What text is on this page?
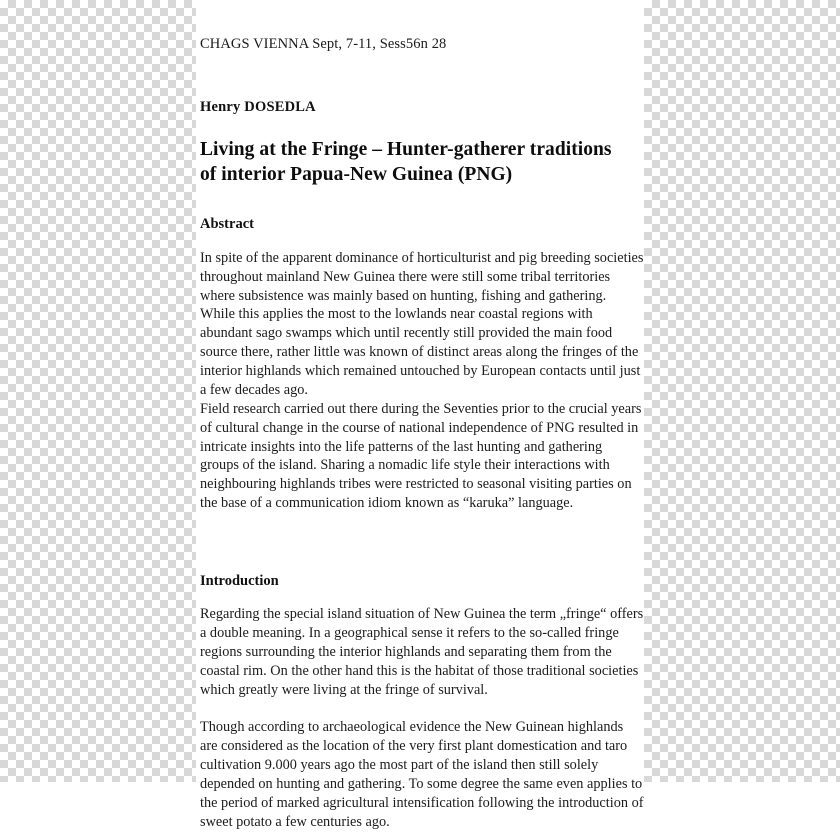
CHAGS VIENNA Sept, 7-11, Sess56n 28
Henry DOSEDLA
Living at the Fringe – Hunter-gatherer traditions
of interior Papua-New Guinea (PNG)
Abstract

In spite of the apparent dominance of horticulturist and pig breeding societies throughout mainland New Guinea there were still some tribal territories where subsistence was mainly based on hunting, fishing and gathering.

While this applies the most to the lowlands near coastal regions with abundant sago swamps which until recently still provided the main food source there, rather little was known of distinct areas along the fringes of the interior highlands which remained untouched by European contacts until just a few decades ago.

Field research carried out there during the Seventies prior to the crucial years of cultural change in the course of national independence of PNG resulted in intricate insights into the life patterns of the last hunting and gathering groups of the island. Sharing a nomadic life style their interactions with neighbouring highlands tribes were restricted to seasonal visiting parties on the base of a communication idiom known as “karuka” language.

Introduction

Regarding the special island situation of New Guinea the term „fringe“ offers a double meaning. In a geographical sense it refers to the so-called fringe regions surrounding the interior highlands and separating them from the coastal rim. On the other hand this is the habitat of those traditional societies which greatly were living at the fringe of survival.

Though according to archaeological evidence the New Guinean highlands are considered as the location of the very first plant domestication and taro cultivation 9.000 years ago the most part of the island then still solely depended on hunting and gathering. To some degree the same even applies to the period of marked agricultural intensification following the introduction of sweet potato a few centuries ago.
